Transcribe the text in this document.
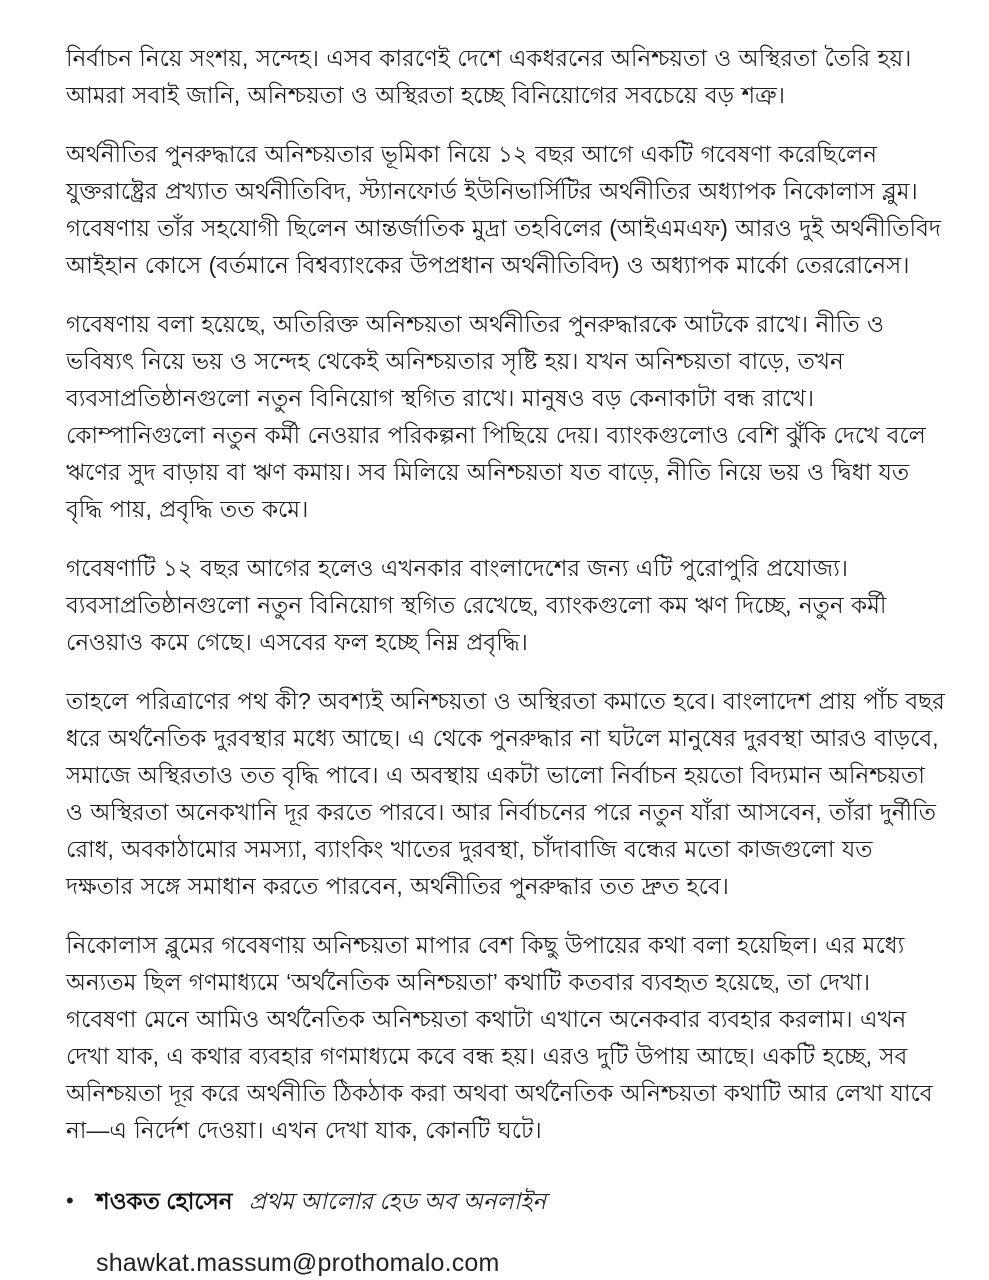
নির্বাচন নিয়ে সংশয়, সন্দেহ। এসব কারণেই দেশে একধরনের অনিশ্চয়তা ও অস্থিরতা তৈরি হয়। আমরা সবাই জানি, অনিশ্চয়তা ও অস্থিরতা হচ্ছে বিনিয়োগের সবচেয়ে বড় শত্রু।

অর্থনীতির পুনরুদ্ধারে অনিশ্চয়তার ভূমিকা নিয়ে ১২ বছর আগে একটি গবেষণা করেছিলেন যুক্তরাষ্ট্রের প্রখ্যাত অর্থনীতিবিদ, স্ট্যানফোর্ড ইউনিভার্সিটির অর্থনীতির অধ্যাপক নিকোলাস ব্লুম। গবেষণায় তাঁর সহযোগী ছিলেন আন্তর্জাতিক মুদ্রা তহবিলের (আইএমএফ) আরও দুই অর্থনীতিবিদ আইহান কোসে (বর্তমানে বিশ্বব্যাংকের উপপ্রধান অর্থনীতিবিদ) ও অধ্যাপক মার্কো তেররোনেস।

গবেষণায় বলা হয়েছে, অতিরিক্ত অনিশ্চয়তা অর্থনীতির পুনরুদ্ধারকে আটকে রাখে। নীতি ও ভবিষ্যৎ নিয়ে ভয় ও সন্দেহ থেকেই অনিশ্চয়তার সৃষ্টি হয়। যখন অনিশ্চয়তা বাড়ে, তখন ব্যবসাপ্রতিষ্ঠানগুলো নতুন বিনিয়োগ স্থগিত রাখে। মানুষও বড় কেনাকাটা বন্ধ রাখে। কোম্পানিগুলো নতুন কর্মী নেওয়ার পরিকল্পনা পিছিয়ে দেয়। ব্যাংকগুলোও বেশি ঝুঁকি দেখে বলে ঋণের সুদ বাড়ায় বা ঋণ কমায়। সব মিলিয়ে অনিশ্চয়তা যত বাড়ে, নীতি নিয়ে ভয় ও দ্বিধা যত বৃদ্ধি পায়, প্রবৃদ্ধি তত কমে।

গবেষণাটি ১২ বছর আগের হলেও এখনকার বাংলাদেশের জন্য এটি পুরোপুরি প্রযোজ্য। ব্যবসাপ্রতিষ্ঠানগুলো নতুন বিনিয়োগ স্থগিত রেখেছে, ব্যাংকগুলো কম ঋণ দিচ্ছে, নতুন কর্মী নেওয়াও কমে গেছে। এসবের ফল হচ্ছে নিম্ন প্রবৃদ্ধি।

তাহলে পরিত্রাণের পথ কী? অবশ্যই অনিশ্চয়তা ও অস্থিরতা কমাতে হবে। বাংলাদেশ প্রায় পাঁচ বছর ধরে অর্থনৈতিক দুরবস্থার মধ্যে আছে। এ থেকে পুনরুদ্ধার না ঘটলে মানুষের দুরবস্থা আরও বাড়বে, সমাজে অস্থিরতাও তত বৃদ্ধি পাবে। এ অবস্থায় একটা ভালো নির্বাচন হয়তো বিদ্যমান অনিশ্চয়তা ও অস্থিরতা অনেকখানি দূর করতে পারবে। আর নির্বাচনের পরে নতুন যাঁরা আসবেন, তাঁরা দুর্নীতি রোধ, অবকাঠামোর সমস্যা, ব্যাংকিং খাতের দুরবস্থা, চাঁদাবাজি বন্ধের মতো কাজগুলো যত দক্ষতার সঙ্গে সমাধান করতে পারবেন, অর্থনীতির পুনরুদ্ধার তত দ্রুত হবে।

নিকোলাস ব্লুমের গবেষণায় অনিশ্চয়তা মাপার বেশ কিছু উপায়ের কথা বলা হয়েছিল। এর মধ্যে অন্যতম ছিল গণমাধ্যমে ‘অর্থনৈতিক অনিশ্চয়তা’ কথাটি কতবার ব্যবহৃত হয়েছে, তা দেখা। গবেষণা মেনে আমিও অর্থনৈতিক অনিশ্চয়তা কথাটা এখানে অনেকবার ব্যবহার করলাম। এখন দেখা যাক, এ কথার ব্যবহার গণমাধ্যমে কবে বন্ধ হয়। এরও দুটি উপায় আছে। একটি হচ্ছে, সব অনিশ্চয়তা দূর করে অর্থনীতি ঠিকঠাক করা অথবা অর্থনৈতিক অনিশ্চয়তা কথাটি আর লেখা যাবে না—এ নির্দেশ দেওয়া। এখন দেখা যাক, কোনটি ঘটে।

• শওকত হোসেন প্রথম আলোর হেড অব অনলাইন

shawkat.massum@prothomalo.com
